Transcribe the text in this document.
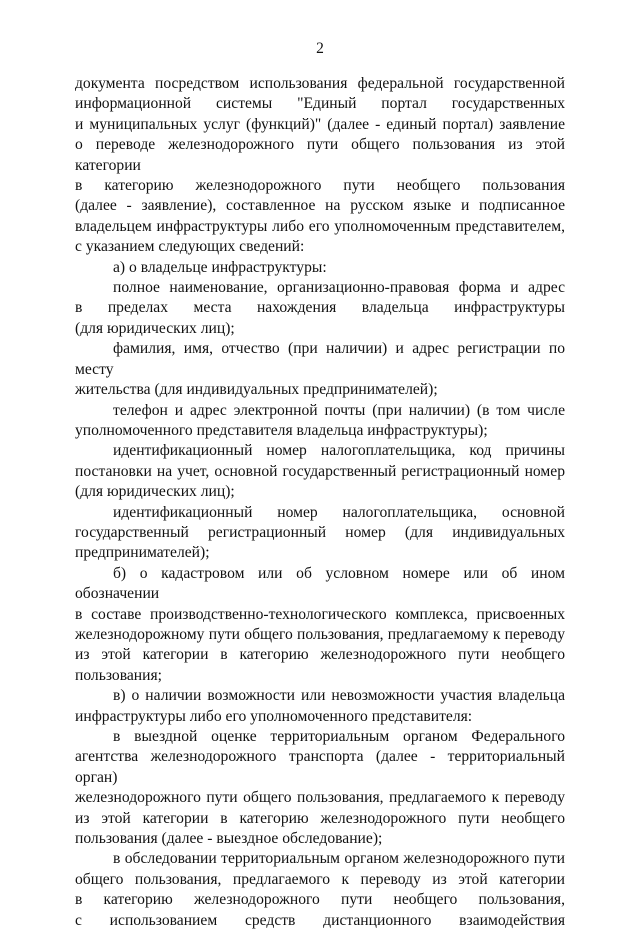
2

документа посредством использования федеральной государственной
информационной системы "Единый портал государственных
и муниципальных услуг (функций)" (далее - единый портал) заявление
о переводе железнодорожного пути общего пользования из этой категории
в категорию железнодорожного пути необщего пользования
(далее - заявление), составленное на русском языке и подписанное
владельцем инфраструктуры либо его уполномоченным представителем,
с указанием следующих сведений:

а) о владельце инфраструктуры:

полное наименование, организационно-правовая форма и адрес
в пределах места нахождения владельца инфраструктуры
(для юридических лиц);

фамилия, имя, отчество (при наличии) и адрес регистрации по месту
жительства (для индивидуальных предпринимателей);

телефон и адрес электронной почты (при наличии) (в том числе
уполномоченного представителя владельца инфраструктуры);

идентификационный номер налогоплательщика, код причины
постановки на учет, основной государственный регистрационный номер
(для юридических лиц);

идентификационный номер налогоплательщика, основной
государственный регистрационный номер (для индивидуальных
предпринимателей);

б) о кадастровом или об условном номере или об ином обозначении
в составе производственно-технологического комплекса, присвоенных
железнодорожному пути общего пользования, предлагаемому к переводу
из этой категории в категорию железнодорожного пути необщего
пользования;

в) о наличии возможности или невозможности участия владельца
инфраструктуры либо его уполномоченного представителя:

в выездной оценке территориальным органом Федерального
агентства железнодорожного транспорта (далее - территориальный орган)
железнодорожного пути общего пользования, предлагаемого к переводу
из этой категории в категорию железнодорожного пути необщего
пользования (далее - выездное обследование);

в обследовании территориальным органом железнодорожного пути
общего пользования, предлагаемого к переводу из этой категории
в категорию железнодорожного пути необщего пользования,
с использованием средств дистанционного взаимодействия
